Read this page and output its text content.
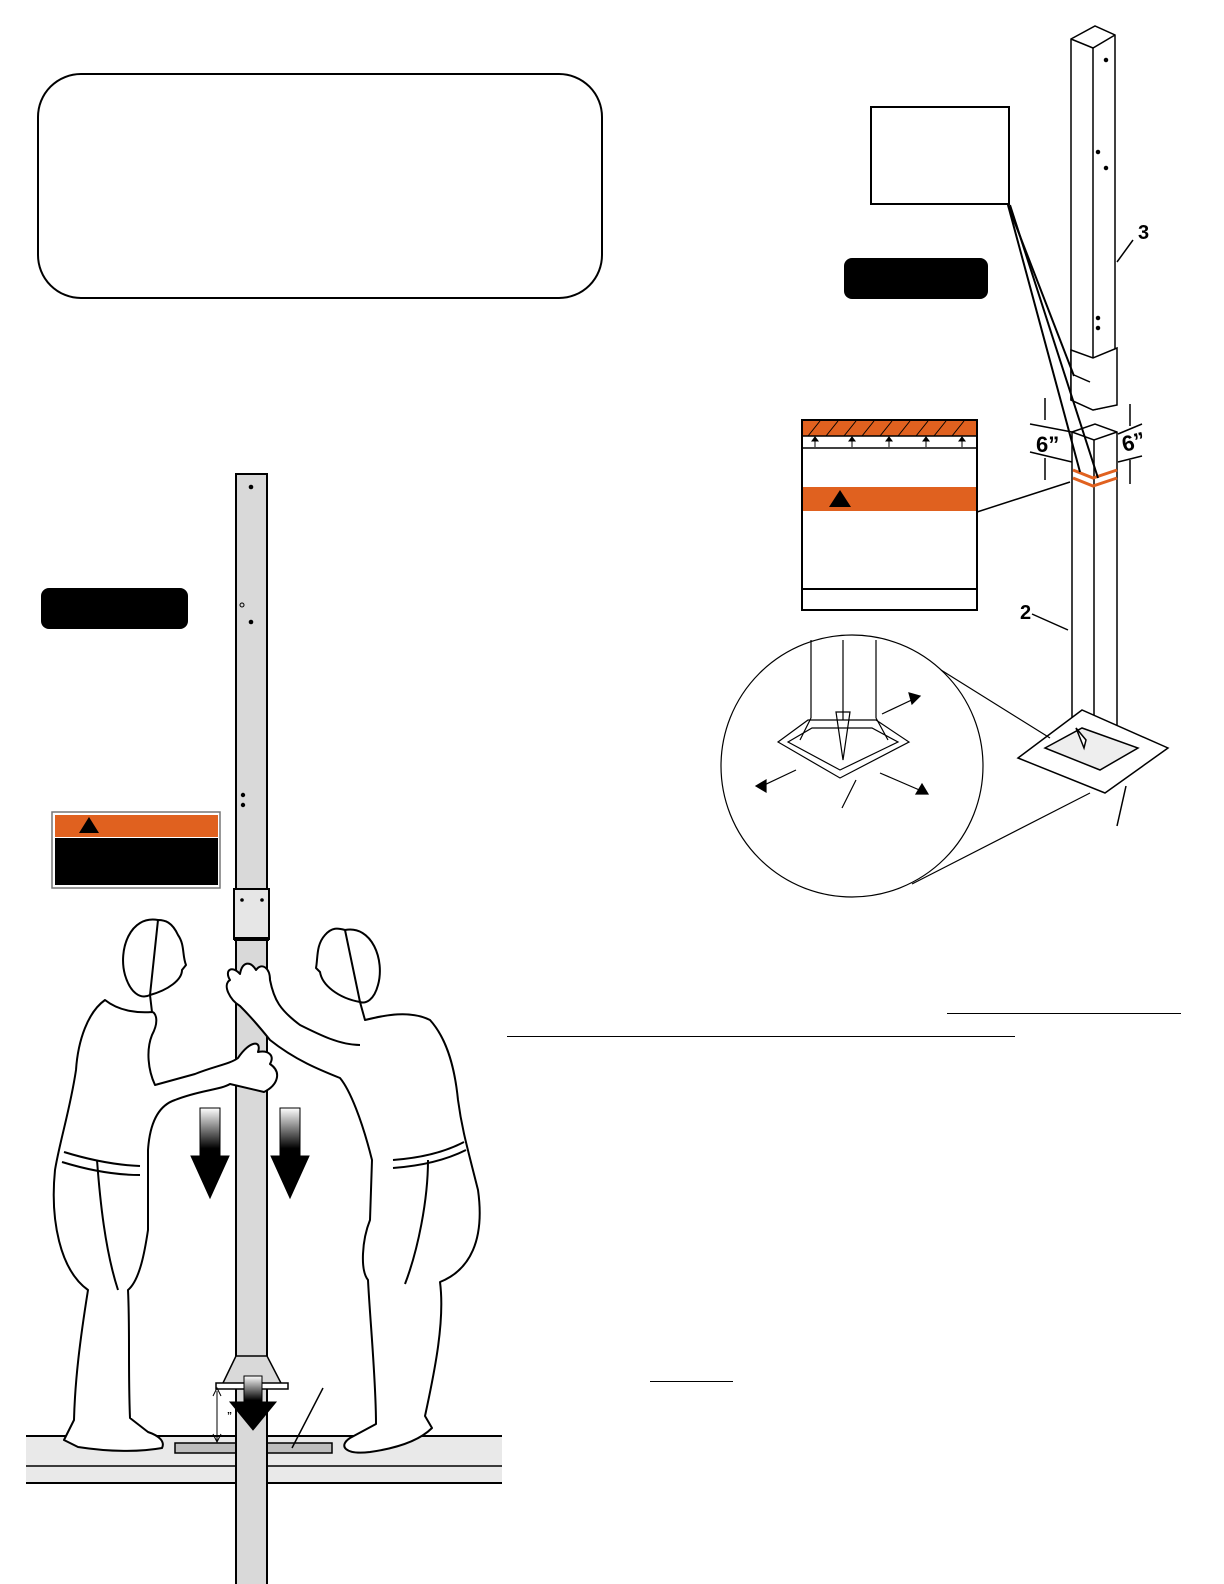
”
3
2
6”	6”
